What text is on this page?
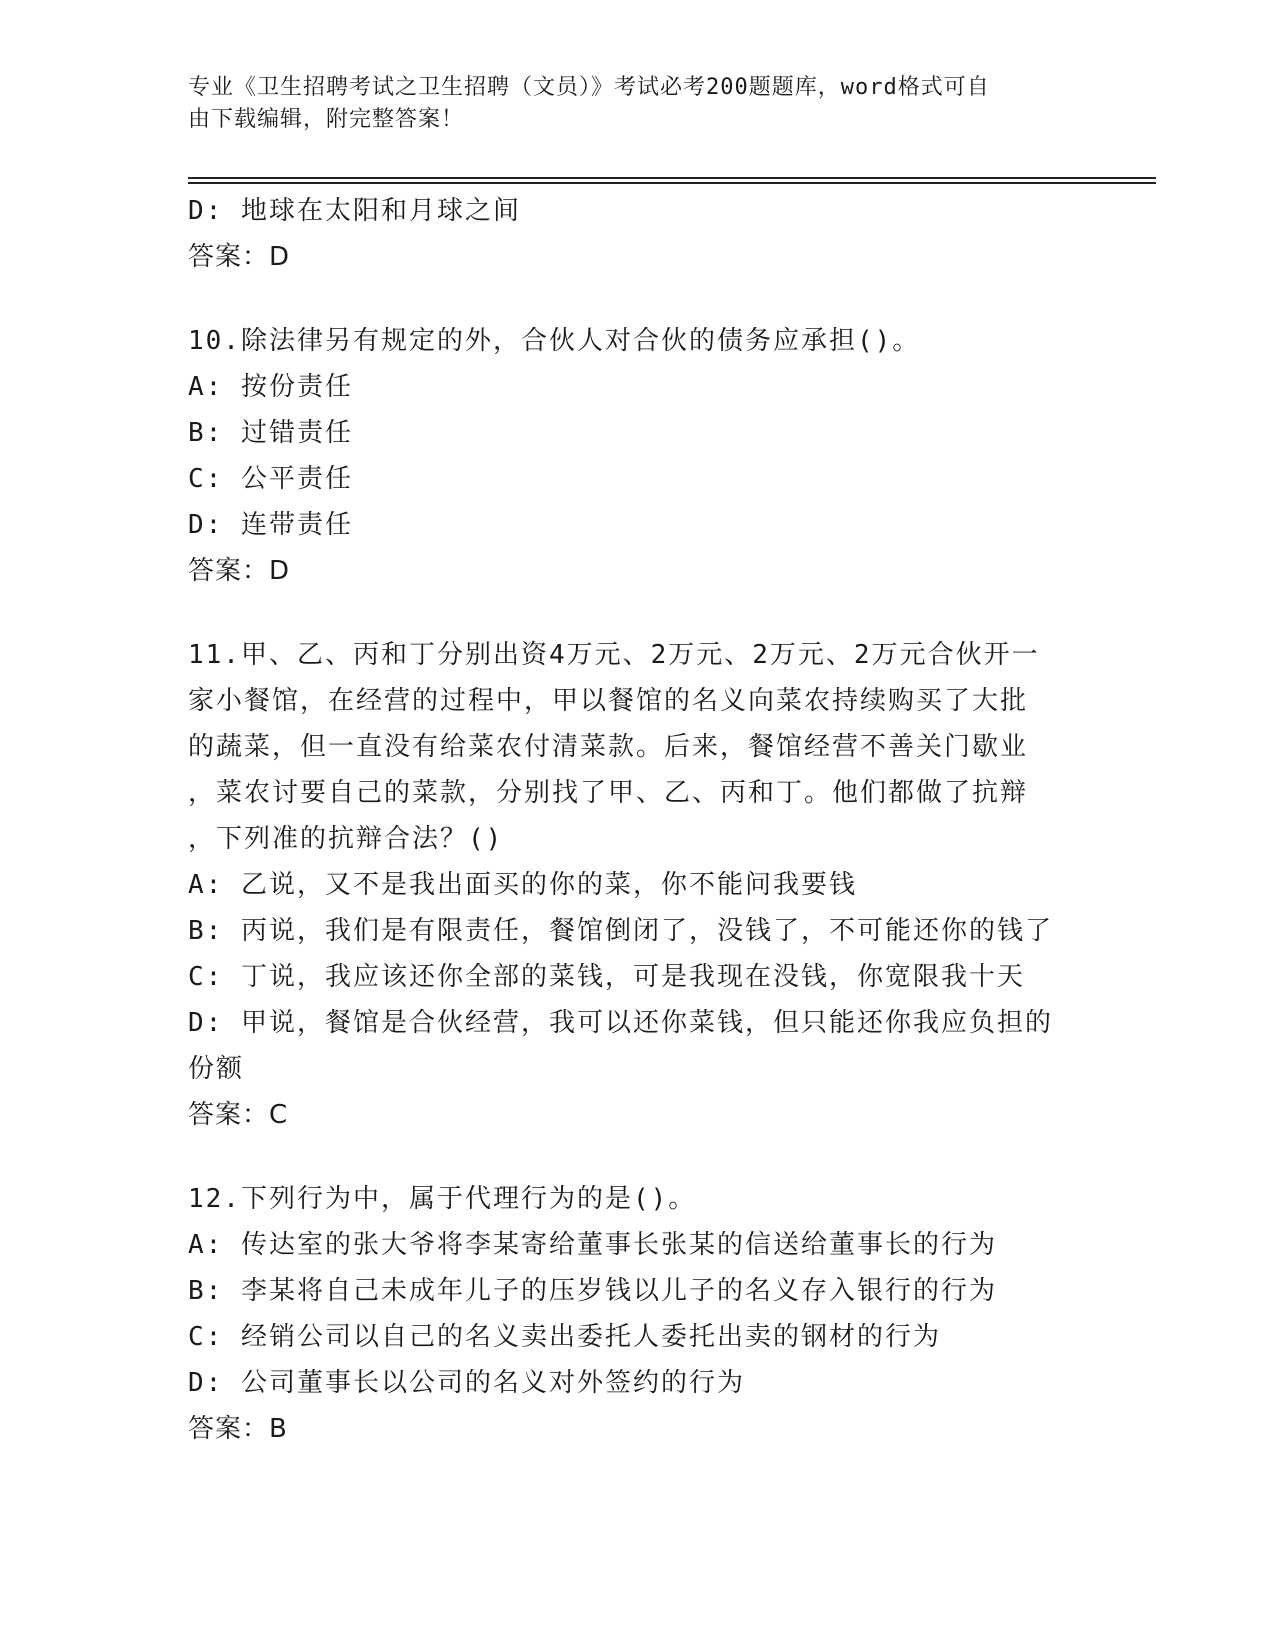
专业《卫生招聘考试之卫生招聘（文员）》考试必考200题题库，word格式可自
由下载编辑，附完整答案！
D: 地球在太阳和月球之间
答案：D
10.除法律另有规定的外，合伙人对合伙的债务应承担()。
A: 按份责任
B: 过错责任
C: 公平责任
D: 连带责任
答案：D
11.甲、乙、丙和丁分别出资4万元、2万元、2万元、2万元合伙开一
家小餐馆，在经营的过程中，甲以餐馆的名义向菜农持续购买了大批
的蔬菜，但一直没有给菜农付清菜款。后来，餐馆经营不善关门歇业
，菜农讨要自己的菜款，分别找了甲、乙、丙和丁。他们都做了抗辩
，下列准的抗辩合法？()
A: 乙说，又不是我出面买的你的菜，你不能问我要钱
B: 丙说，我们是有限责任，餐馆倒闭了，没钱了，不可能还你的钱了
C: 丁说，我应该还你全部的菜钱，可是我现在没钱，你宽限我十天
D: 甲说，餐馆是合伙经营，我可以还你菜钱，但只能还你我应负担的
份额
答案：C
12.下列行为中，属于代理行为的是()。
A: 传达室的张大爷将李某寄给董事长张某的信送给董事长的行为
B: 李某将自己未成年儿子的压岁钱以儿子的名义存入银行的行为
C: 经销公司以自己的名义卖出委托人委托出卖的钢材的行为
D: 公司董事长以公司的名义对外签约的行为
答案：B
